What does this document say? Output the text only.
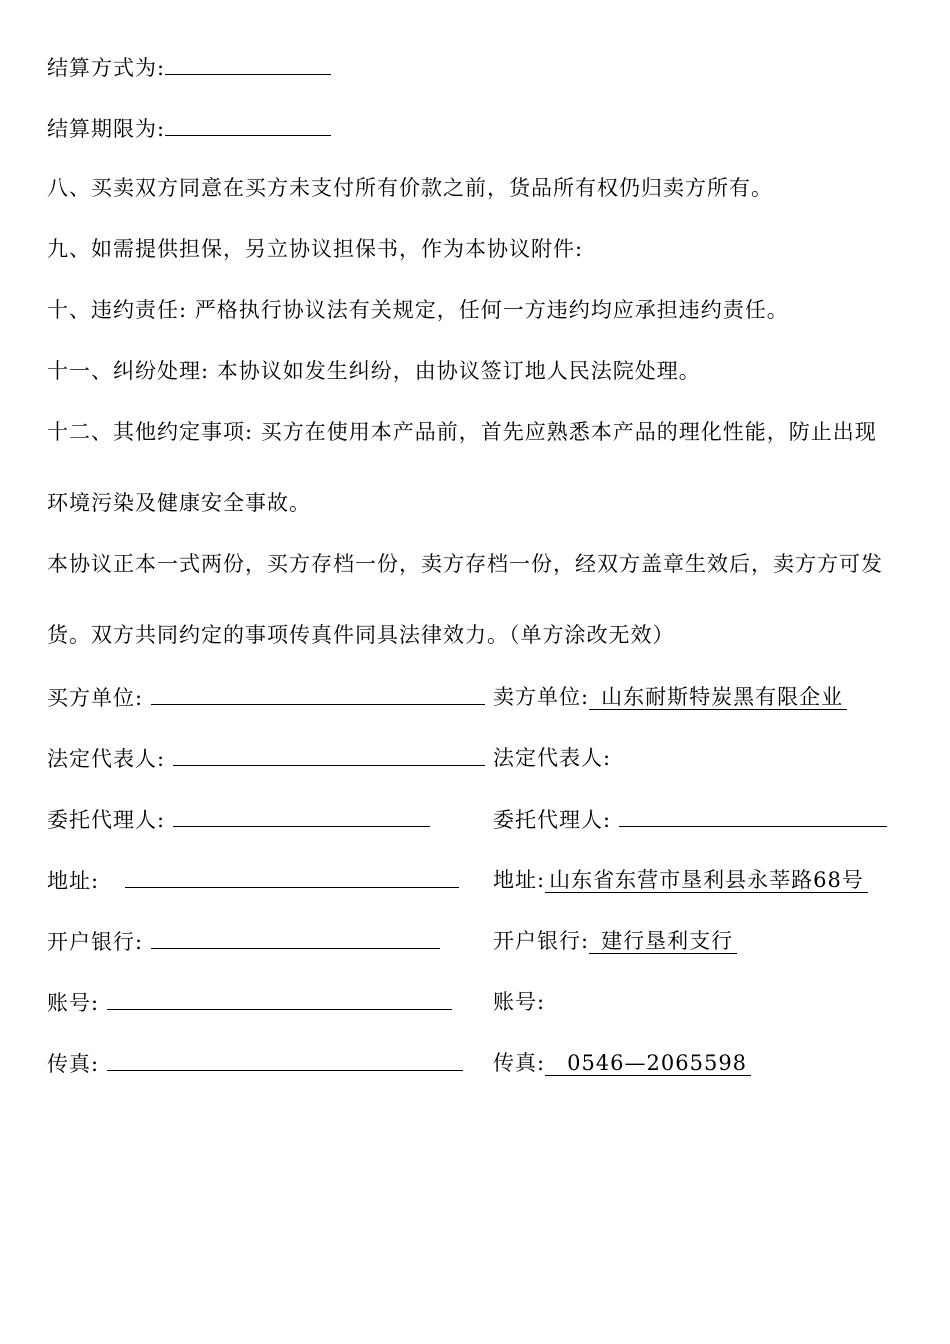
结算方式为:
结算期限为:
八、买卖双方同意在买方未支付所有价款之前，货品所有权仍归卖方所有。
九、如需提供担保，另立协议担保书，作为本协议附件:
十、违约责任: 严格执行协议法有关规定，任何一方违约均应承担违约责任。
十一、纠纷处理: 本协议如发生纠纷，由协议签订地人民法院处理。
十二、其他约定事项: 买方在使用本产品前，首先应熟悉本产品的理化性能，防止出现
环境污染及健康安全事故。
本协议正本一式两份，买方存档一份，卖方存档一份，经双方盖章生效后，卖方方可发
货。双方共同约定的事项传真件同具法律效力。（单方涂改无效）
买方单位:
法定代表人:
委托代理人:
地址:
开户银行:
账号:
传真:
卖方单位: 山东耐斯特炭黑有限企业
法定代表人:
委托代理人:
地址: 山东省东营市垦利县永莘路68号
开户银行: 建行垦利支行
账号:
传真: 0546—2065598
